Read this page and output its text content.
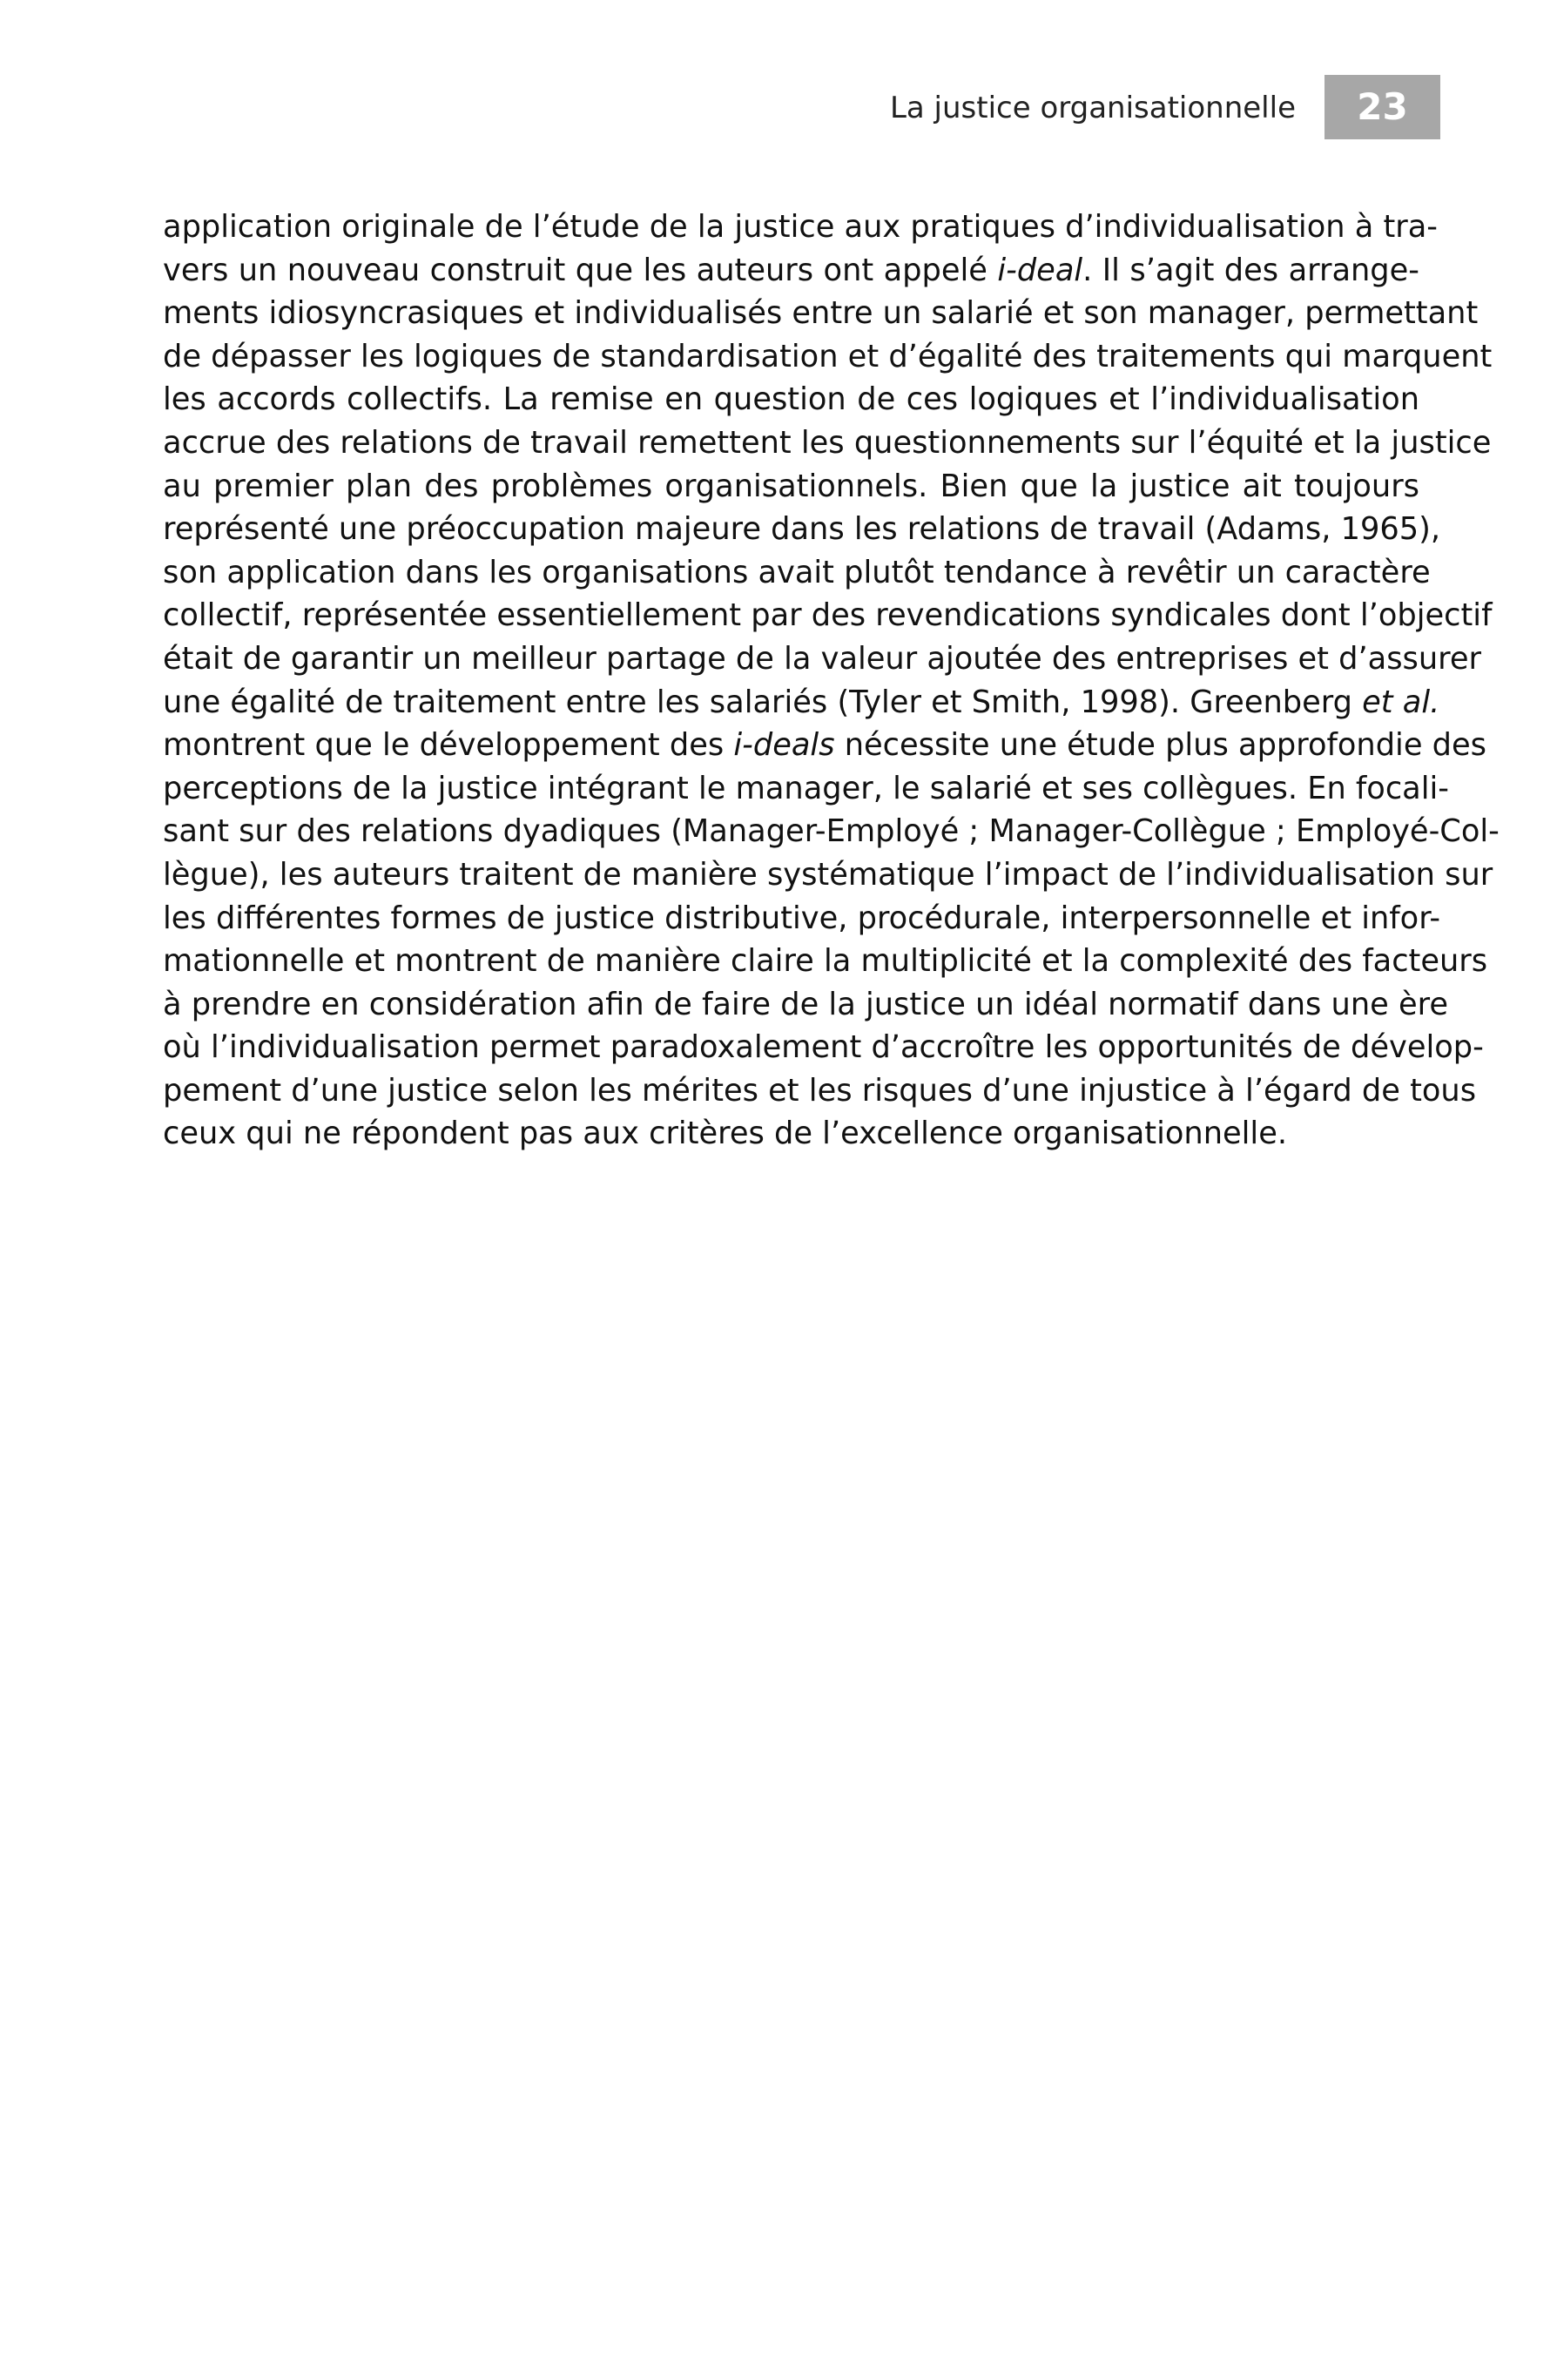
La justice organisationnelle	23
application originale de l’étude de la justice aux pratiques d’individualisation à tra-
vers un nouveau construit que les auteurs ont appelé i-deal. Il s’agit des arrange-
ments idiosyncrasiques et individualisés entre un salarié et son manager, permettant
de dépasser les logiques de standardisation et d’égalité des traitements qui marquent
les accords collectifs. La remise en question de ces logiques et l’individualisation
accrue des relations de travail remettent les questionnements sur l’équité et la justice
au premier plan des problèmes organisationnels. Bien que la justice ait toujours
représenté une préoccupation majeure dans les relations de travail (Adams, 1965),
son application dans les organisations avait plutôt tendance à revêtir un caractère
collectif, représentée essentiellement par des revendications syndicales dont l’objectif
était de garantir un meilleur partage de la valeur ajoutée des entreprises et d’assurer
une égalité de traitement entre les salariés (Tyler et Smith, 1998). Greenberg et al.
montrent que le développement des i-deals nécessite une étude plus approfondie des
perceptions de la justice intégrant le manager, le salarié et ses collègues. En focali-
sant sur des relations dyadiques (Manager-Employé ; Manager-Collègue ; Employé-Col-
lègue), les auteurs traitent de manière systématique l’impact de l’individualisation sur
les différentes formes de justice distributive, procédurale, interpersonnelle et infor-
mationnelle et montrent de manière claire la multiplicité et la complexité des facteurs
à prendre en considération afin de faire de la justice un idéal normatif dans une ère
où l’individualisation permet paradoxalement d’accroître les opportunités de dévelop-
pement d’une justice selon les mérites et les risques d’une injustice à l’égard de tous
ceux qui ne répondent pas aux critères de l’excellence organisationnelle.
